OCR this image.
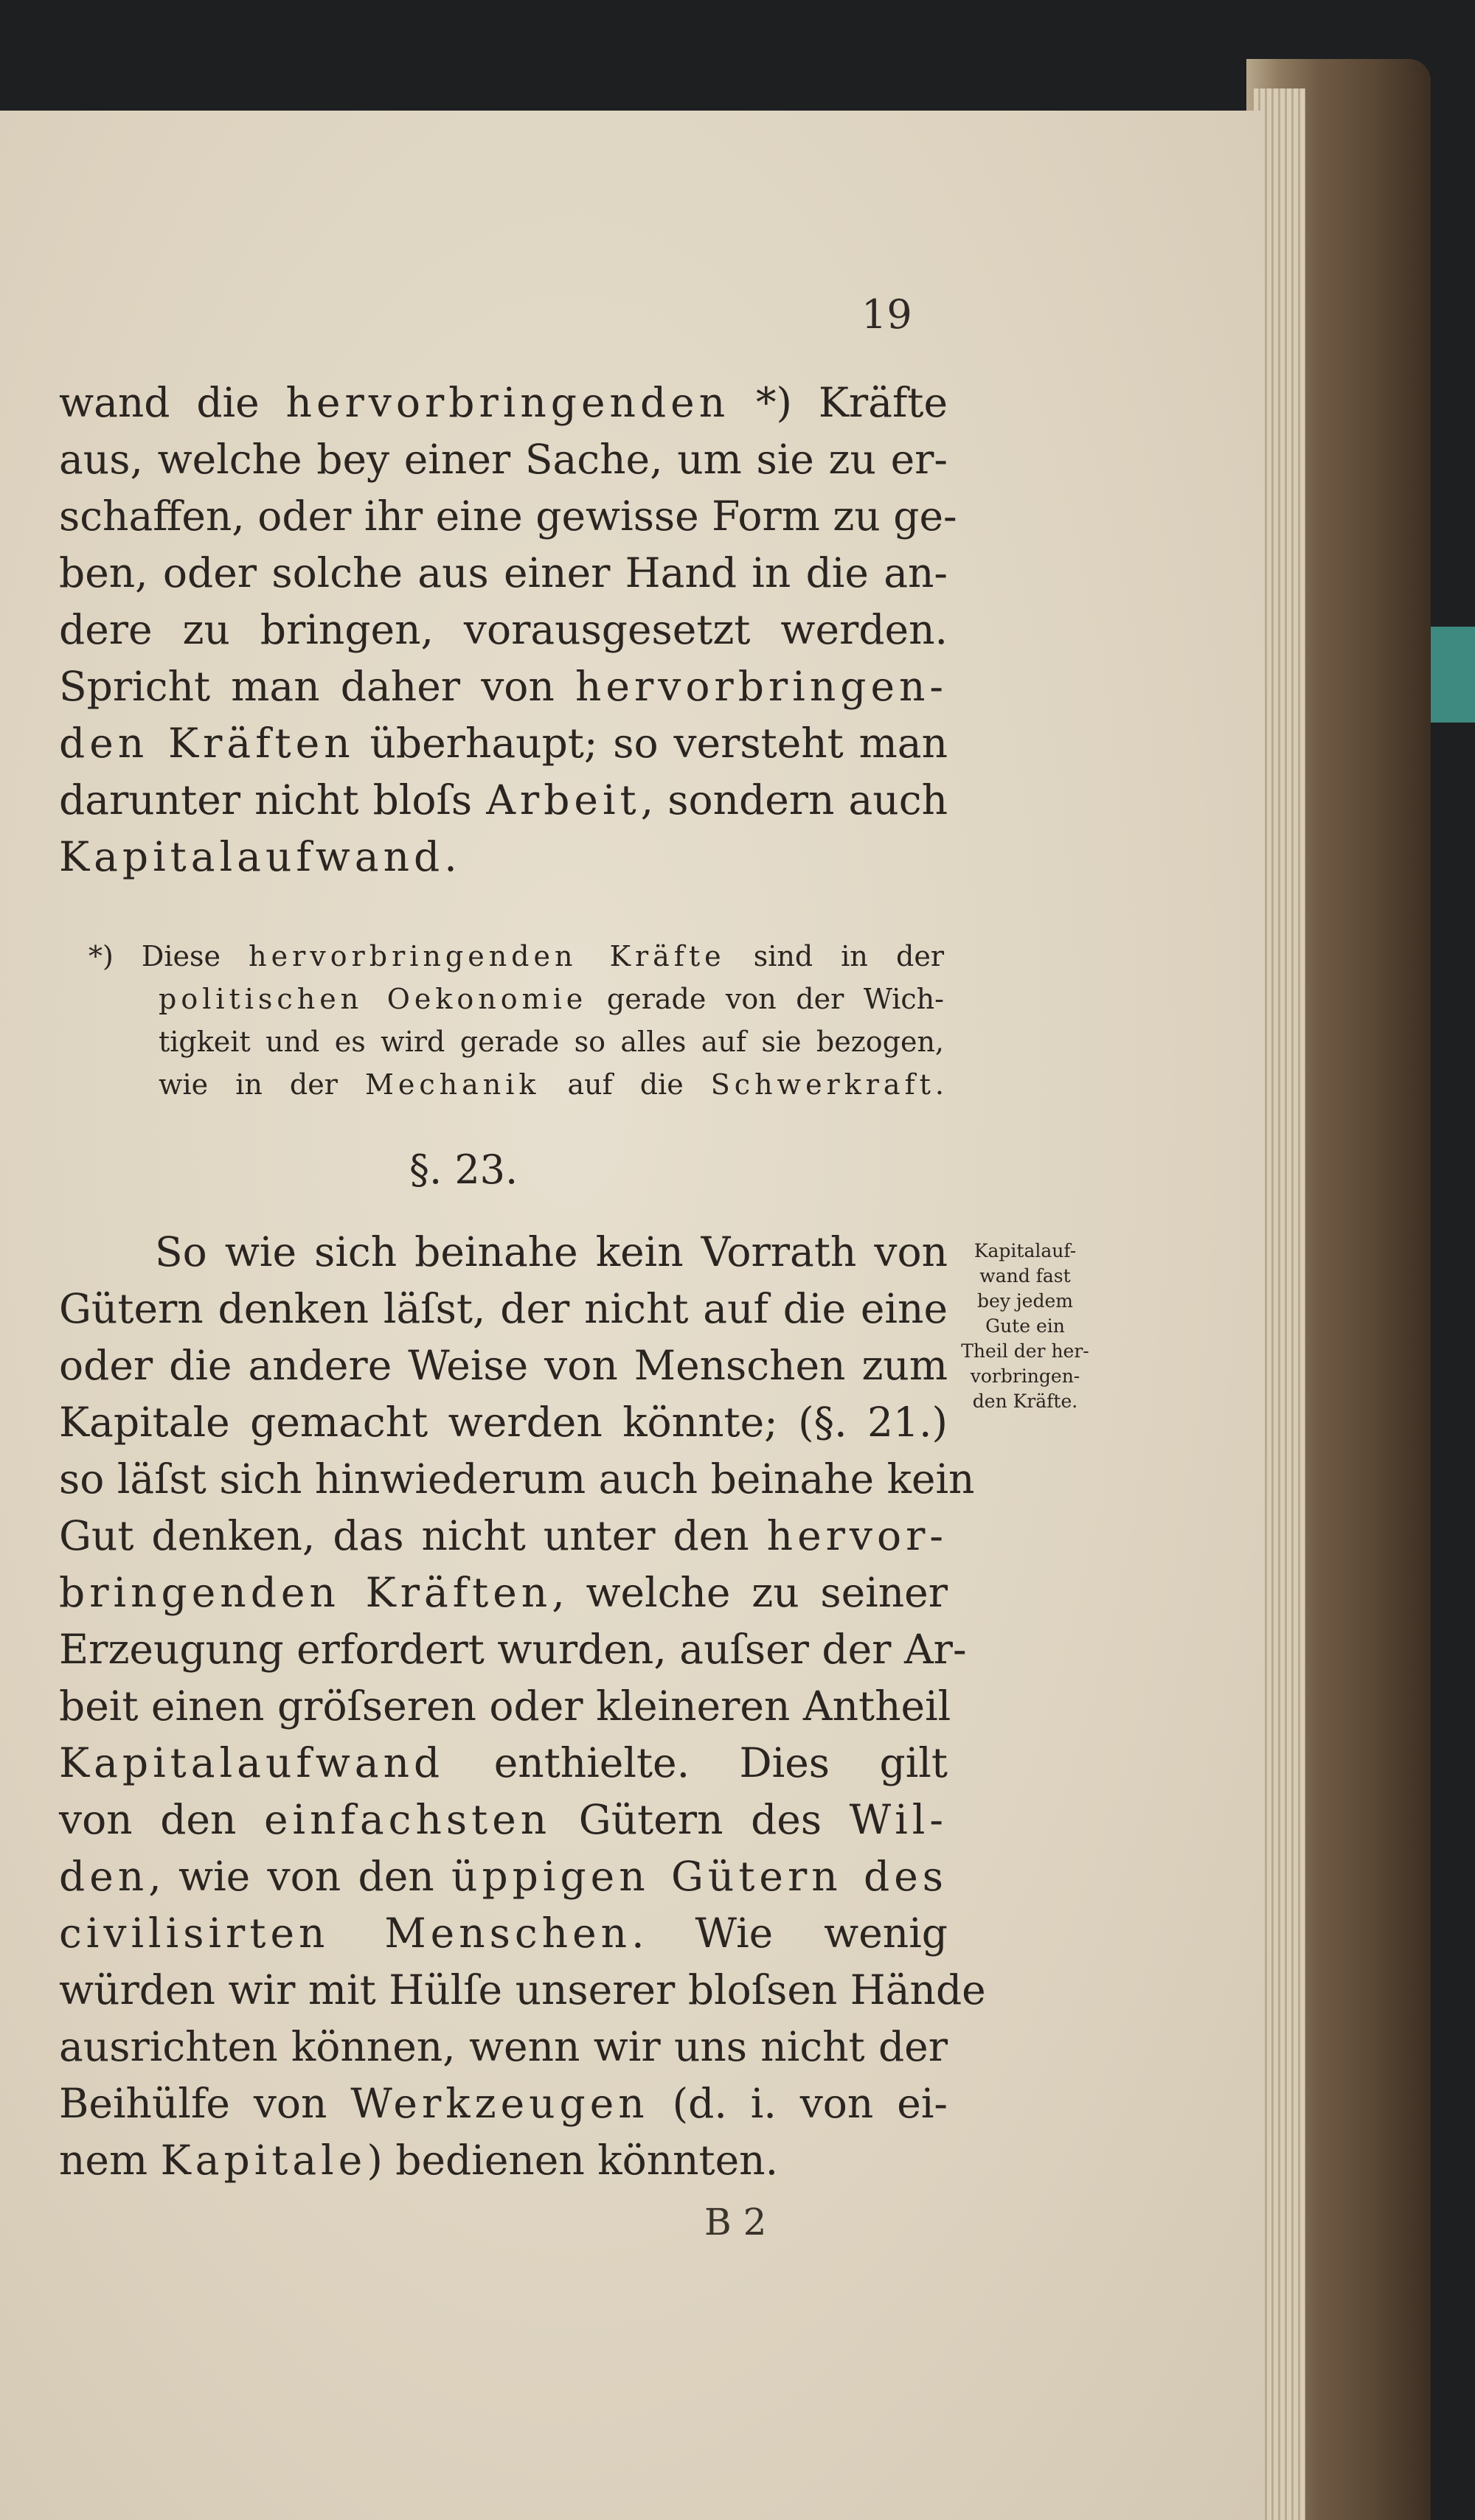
19
wand die hervorbringenden *) Kräfte
aus, welche bey einer Sache, um sie zu er-
schaffen, oder ihr eine gewisse Form zu ge-
ben, oder solche aus einer Hand in die an-
dere zu bringen, vorausgesetzt werden.
Spricht man daher von hervorbringen-
den Kräften überhaupt; so versteht man
darunter nicht bloſs Arbeit, sondern auch
Kapitalaufwand.
*) Diese hervorbringenden Kräfte sind in der
politischen Oekonomie gerade von der Wich-
tigkeit und es wird gerade so alles auf sie bezogen,
wie in der Mechanik auf die Schwerkraft.
§. 23.
So wie sich beinahe kein Vorrath von
Gütern denken läſst, der nicht auf die eine
oder die andere Weise von Menschen zum
Kapitale gemacht werden könnte; (§. 21.)
so läſst sich hinwiederum auch beinahe kein
Gut denken, das nicht unter den hervor-
bringenden Kräften, welche zu seiner
Erzeugung erfordert wurden, auſser der Ar-
beit einen gröſseren oder kleineren Antheil
Kapitalaufwand enthielte. Dies gilt
von den einfachsten Gütern des Wil-
den, wie von den üppigen Gütern des
civilisirten Menschen. Wie wenig
würden wir mit Hülſe unserer bloſsen Hände
ausrichten können, wenn wir uns nicht der
Beihülfe von Werkzeugen (d. i. von ei-
nem Kapitale) bedienen könnten.
Kapitalauf-
wand fast
bey jedem
Gute ein
Theil der her-
vorbringen-
den Kräfte.
B 2
